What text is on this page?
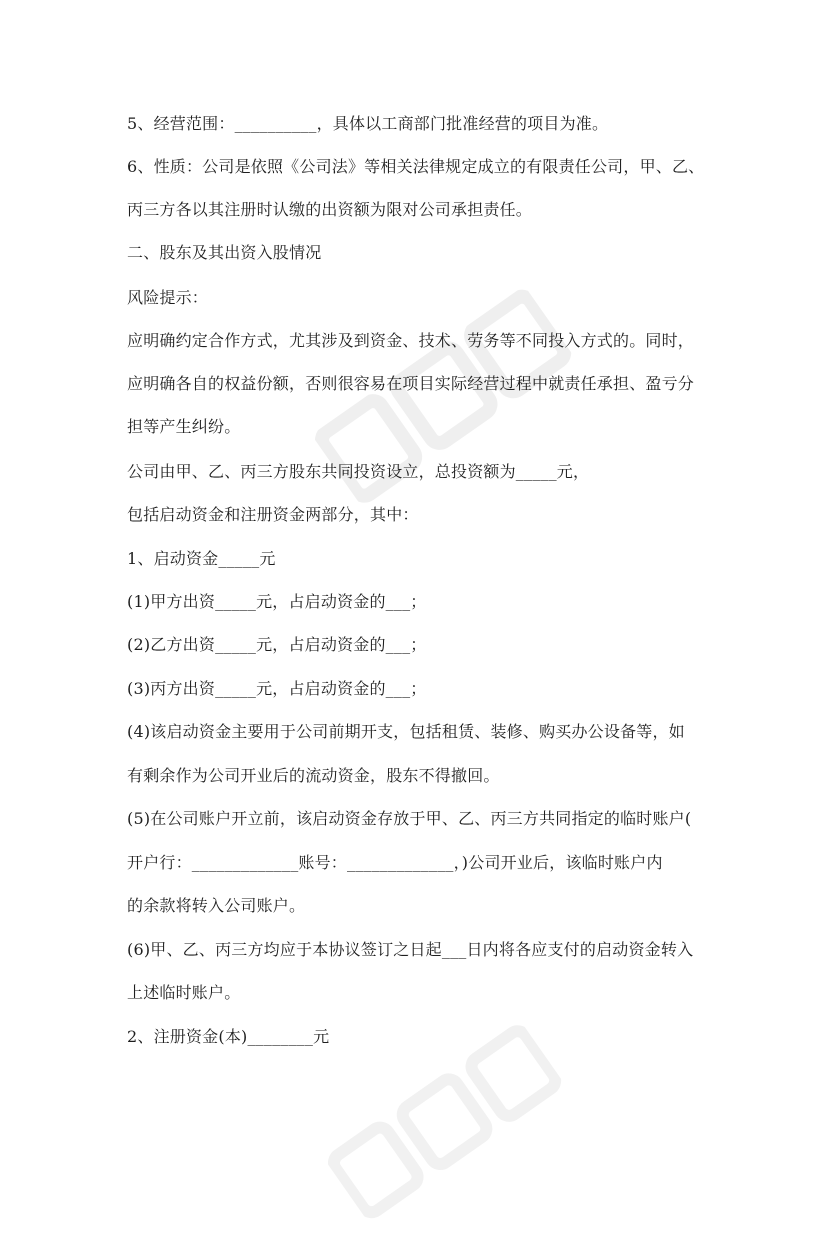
5、经营范围：__________，具体以工商部门批准经营的项目为准。
6、性质：公司是依照《公司法》等相关法律规定成立的有限责任公司，甲、乙、
丙三方各以其注册时认缴的出资额为限对公司承担责任。
二、股东及其出资入股情况
风险提示：
应明确约定合作方式，尤其涉及到资金、技术、劳务等不同投入方式的。同时，
应明确各自的权益份额，否则很容易在项目实际经营过程中就责任承担、盈亏分
担等产生纠纷。
公司由甲、乙、丙三方股东共同投资设立，总投资额为_____元，
包括启动资金和注册资金两部分，其中：
1、启动资金_____元
(1)甲方出资_____元，占启动资金的___；
(2)乙方出资_____元，占启动资金的___；
(3)丙方出资_____元，占启动资金的___；
(4)该启动资金主要用于公司前期开支，包括租赁、装修、购买办公设备等，如
有剩余作为公司开业后的流动资金，股东不得撤回。
(5)在公司账户开立前，该启动资金存放于甲、乙、丙三方共同指定的临时账户(
开户行：_____________账号：_____________，)公司开业后，该临时账户内
的余款将转入公司账户。
(6)甲、乙、丙三方均应于本协议签订之日起___日内将各应支付的启动资金转入
上述临时账户。
2、注册资金(本)________元
